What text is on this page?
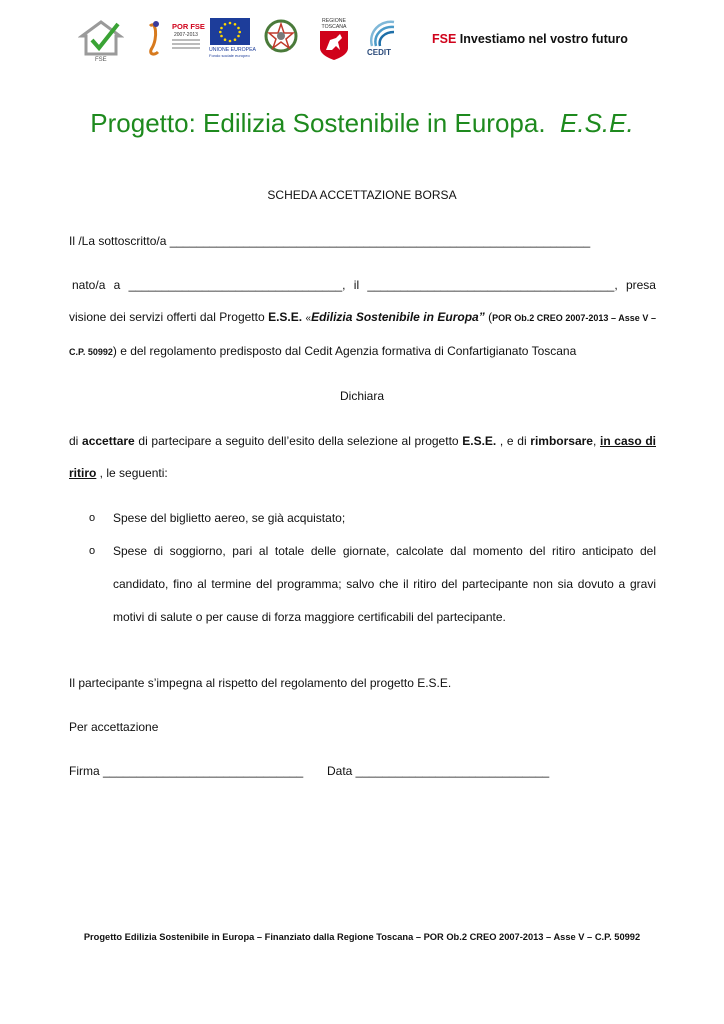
FSE
POR FSE
2007-2013
UNIONE EUROPEA
Fondo sociale europeo
REGIONE
TOSCANA
CEDIT
FSE Investiamo nel vostro futuro
Progetto: Edilizia Sostenibile in Europa. E.S.E.
SCHEDA ACCETTAZIONE BORSA
Il /La sottoscritto/a _______________________________________________________________
nato/a a ________________________________, il _____________________________________, presa
visione dei servizi offerti dal Progetto E.S.E. «Edilizia Sostenibile in Europa” (POR Ob.2 CREO 2007-2013 – Asse V –
C.P. 50992) e del regolamento predisposto dal Cedit Agenzia formativa di Confartigianato Toscana
Dichiara
di accettare di partecipare a seguito dell’esito della selezione al progetto E.S.E. , e di rimborsare, in caso di
ritiro , le seguenti:
o Spese del biglietto aereo, se già acquistato;
o Spese di soggiorno, pari al totale delle giornate, calcolate dal momento del ritiro anticipato del
candidato, fino al termine del programma; salvo che il ritiro del partecipante non sia dovuto a gravi
motivi di salute o per cause di forza maggiore certificabili del partecipante.
Il partecipante s’impegna al rispetto del regolamento del progetto E.S.E.
Per accettazione
Firma ______________________________ Data _____________________________
Progetto Edilizia Sostenibile in Europa – Finanziato dalla Regione Toscana – POR Ob.2 CREO 2007-2013 – Asse V – C.P. 50992
